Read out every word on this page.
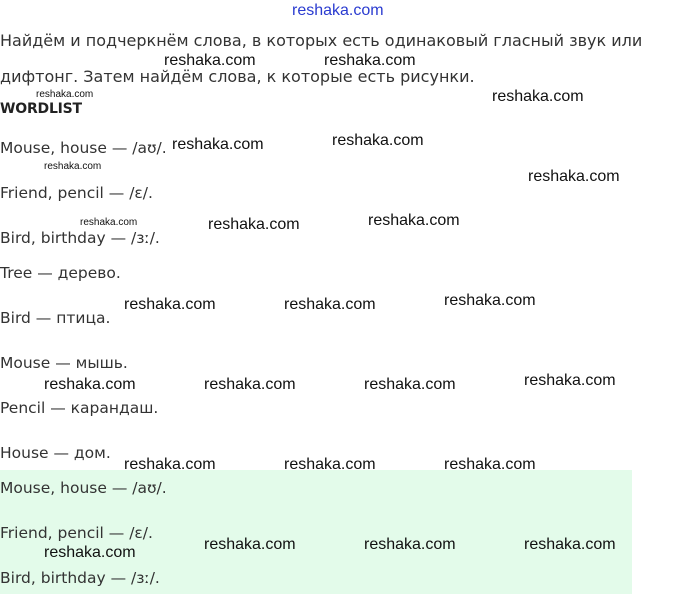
reshaka.com
Найдём и подчеркнём слова, в которых есть одинаковый гласный звук или
дифтонг. Затем найдём слова, к которые есть рисунки.
WORDLIST
Mouse, house — /aʊ/.
Friend, pencil — /ɛ/.
Bird, birthday — /ɜː/.
Tree — дерево.
Bird — птица.
Mouse — мышь.
Pencil — карандаш.
House — дом.
Mouse, house — /aʊ/.
Friend, pencil — /ɛ/.
Bird, birthday — /ɜː/.
reshaka.com	reshaka.com
reshaka.com
reshaka.com
reshaka.com	reshaka.com
reshaka.com
reshaka.com
reshaka.com	reshaka.com	reshaka.com
reshaka.com	reshaka.com	reshaka.com
reshaka.com	reshaka.com	reshaka.com	reshaka.com
reshaka.com	reshaka.com	reshaka.com
reshaka.com	reshaka.com	reshaka.com	reshaka.com
